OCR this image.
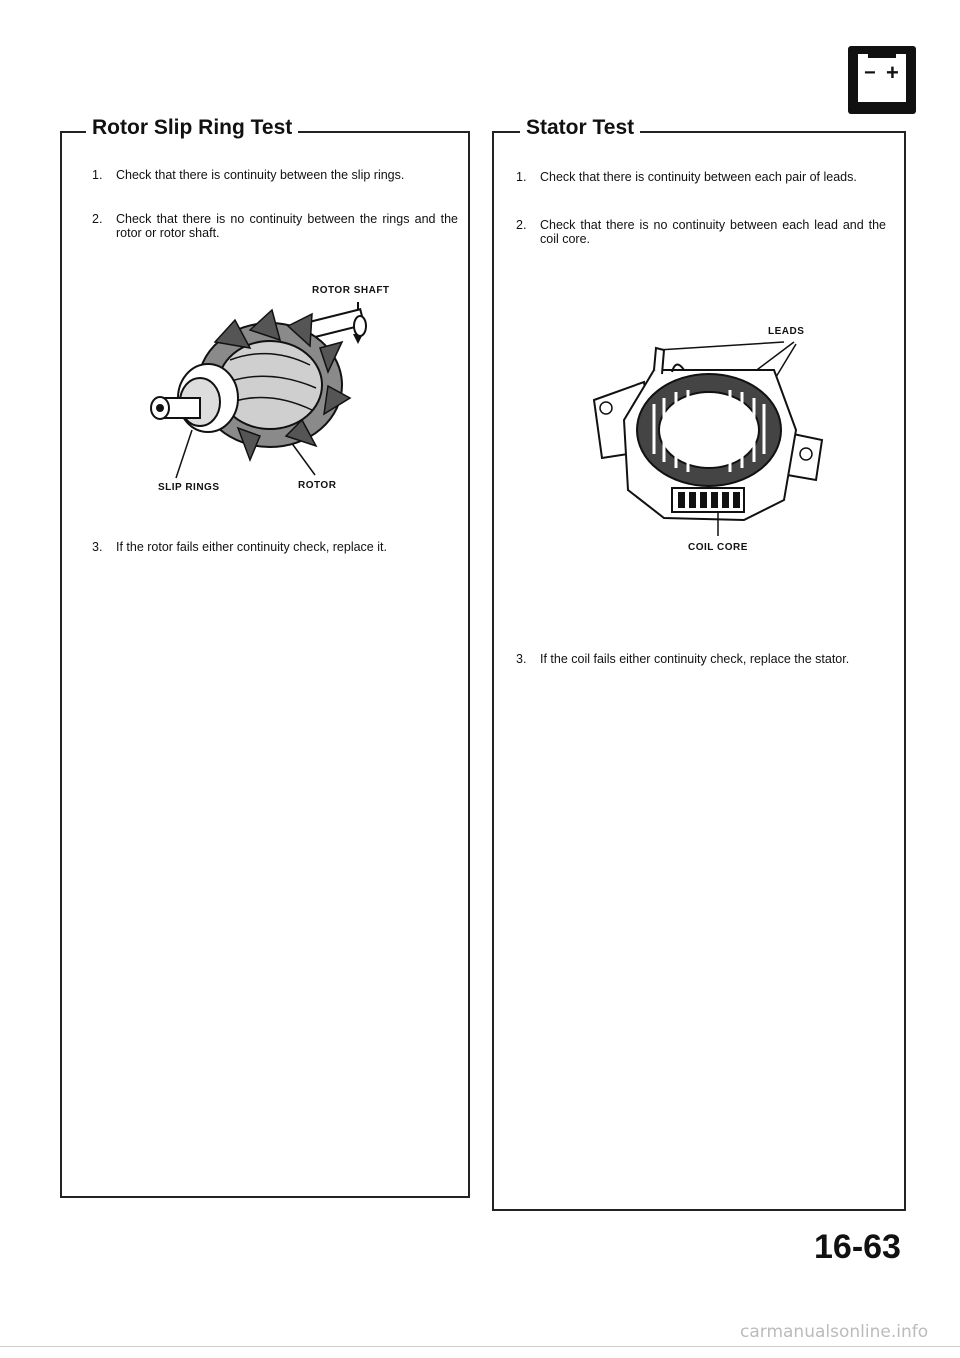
− +
Rotor Slip Ring Test
1. Check that there is continuity between the slip rings.
2. Check that there is no continuity between the rings and the rotor or rotor shaft.
ROTOR SHAFT
SLIP RINGS	ROTOR
3. If the rotor fails either continuity check, replace it.
Stator Test
1. Check that there is continuity between each pair of leads.
2. Check that there is no continuity between each lead and the coil core.
LEADS
COIL CORE
3. If the coil fails either continuity check, replace the stator.
16-63
carmanualsonline.info
